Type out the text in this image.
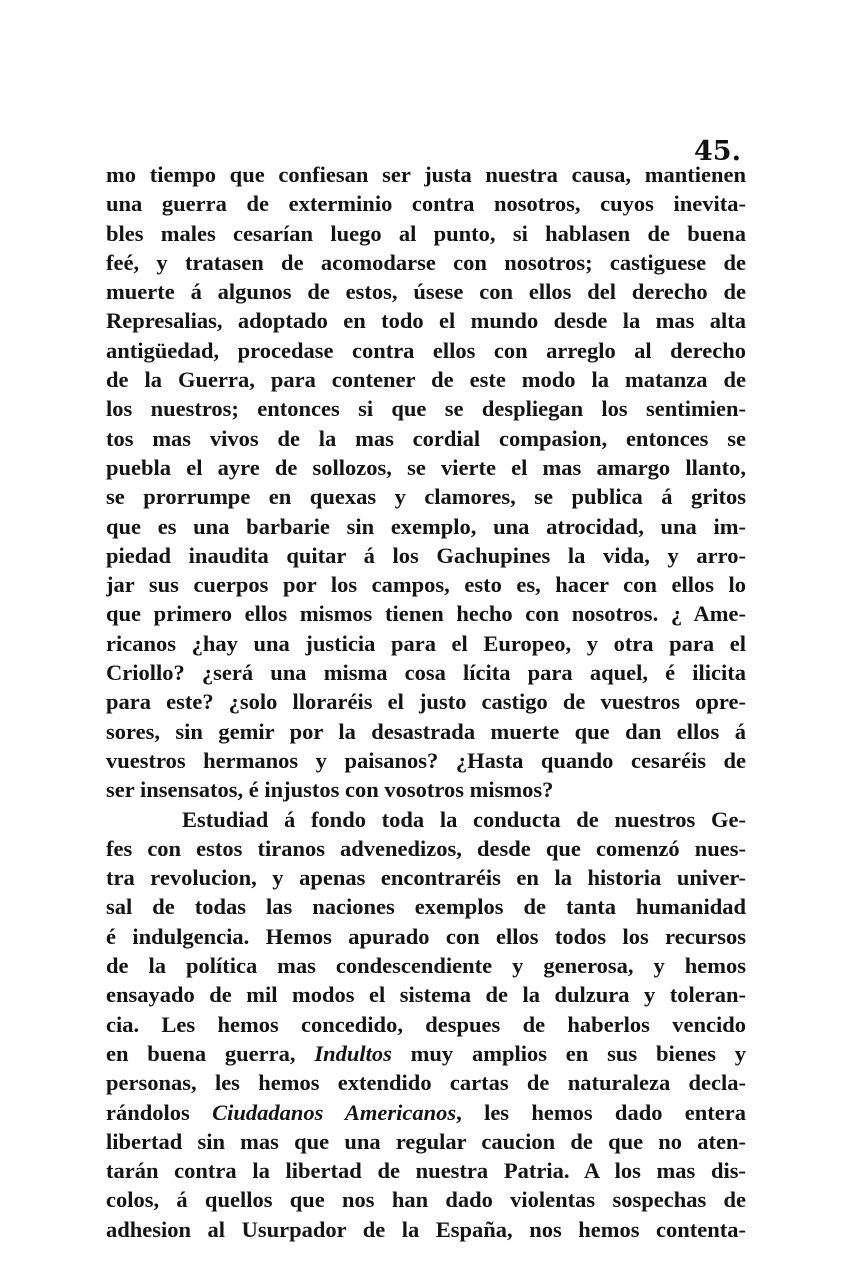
45.
mo tiempo que confiesan ser justa nuestra causa, mantienen
una guerra de exterminio contra nosotros, cuyos inevita-
bles males cesarían luego al punto, si hablasen de buena
feé, y tratasen de acomodarse con nosotros; castiguese de
muerte á algunos de estos, úsese con ellos del derecho de
Represalias, adoptado en todo el mundo desde la mas alta
antigüedad, procedase contra ellos con arreglo al derecho
de la Guerra, para contener de este modo la matanza de
los nuestros; entonces si que se despliegan los sentimien-
tos mas vivos de la mas cordial compasion, entonces se
puebla el ayre de sollozos, se vierte el mas amargo llanto,
se prorrumpe en quexas y clamores, se publica á gritos
que es una barbarie sin exemplo, una atrocidad, una im-
piedad inaudita quitar á los Gachupines la vida, y arro-
jar sus cuerpos por los campos, esto es, hacer con ellos lo
que primero ellos mismos tienen hecho con nosotros. ¿ Ame-
ricanos ¿hay una justicia para el Europeo, y otra para el
Criollo? ¿será una misma cosa lícita para aquel, é ilicita
para este? ¿solo lloraréis el justo castigo de vuestros opre-
sores, sin gemir por la desastrada muerte que dan ellos á
vuestros hermanos y paisanos? ¿Hasta quando cesaréis de
ser insensatos, é injustos con vosotros mismos?
Estudiad á fondo toda la conducta de nuestros Ge-
fes con estos tiranos advenedizos, desde que comenzó nues-
tra revolucion, y apenas encontraréis en la historia univer-
sal de todas las naciones exemplos de tanta humanidad
é indulgencia. Hemos apurado con ellos todos los recursos
de la política mas condescendiente y generosa, y hemos
ensayado de mil modos el sistema de la dulzura y toleran-
cia. Les hemos concedido, despues de haberlos vencido
en buena guerra, Indultos muy amplios en sus bienes y
personas, les hemos extendido cartas de naturaleza decla-
rándolos Ciudadanos Americanos, les hemos dado entera
libertad sin mas que una regular caucion de que no aten-
tarán contra la libertad de nuestra Patria. A los mas dis-
colos, á quellos que nos han dado violentas sospechas de
adhesion al Usurpador de la España, nos hemos contenta-
